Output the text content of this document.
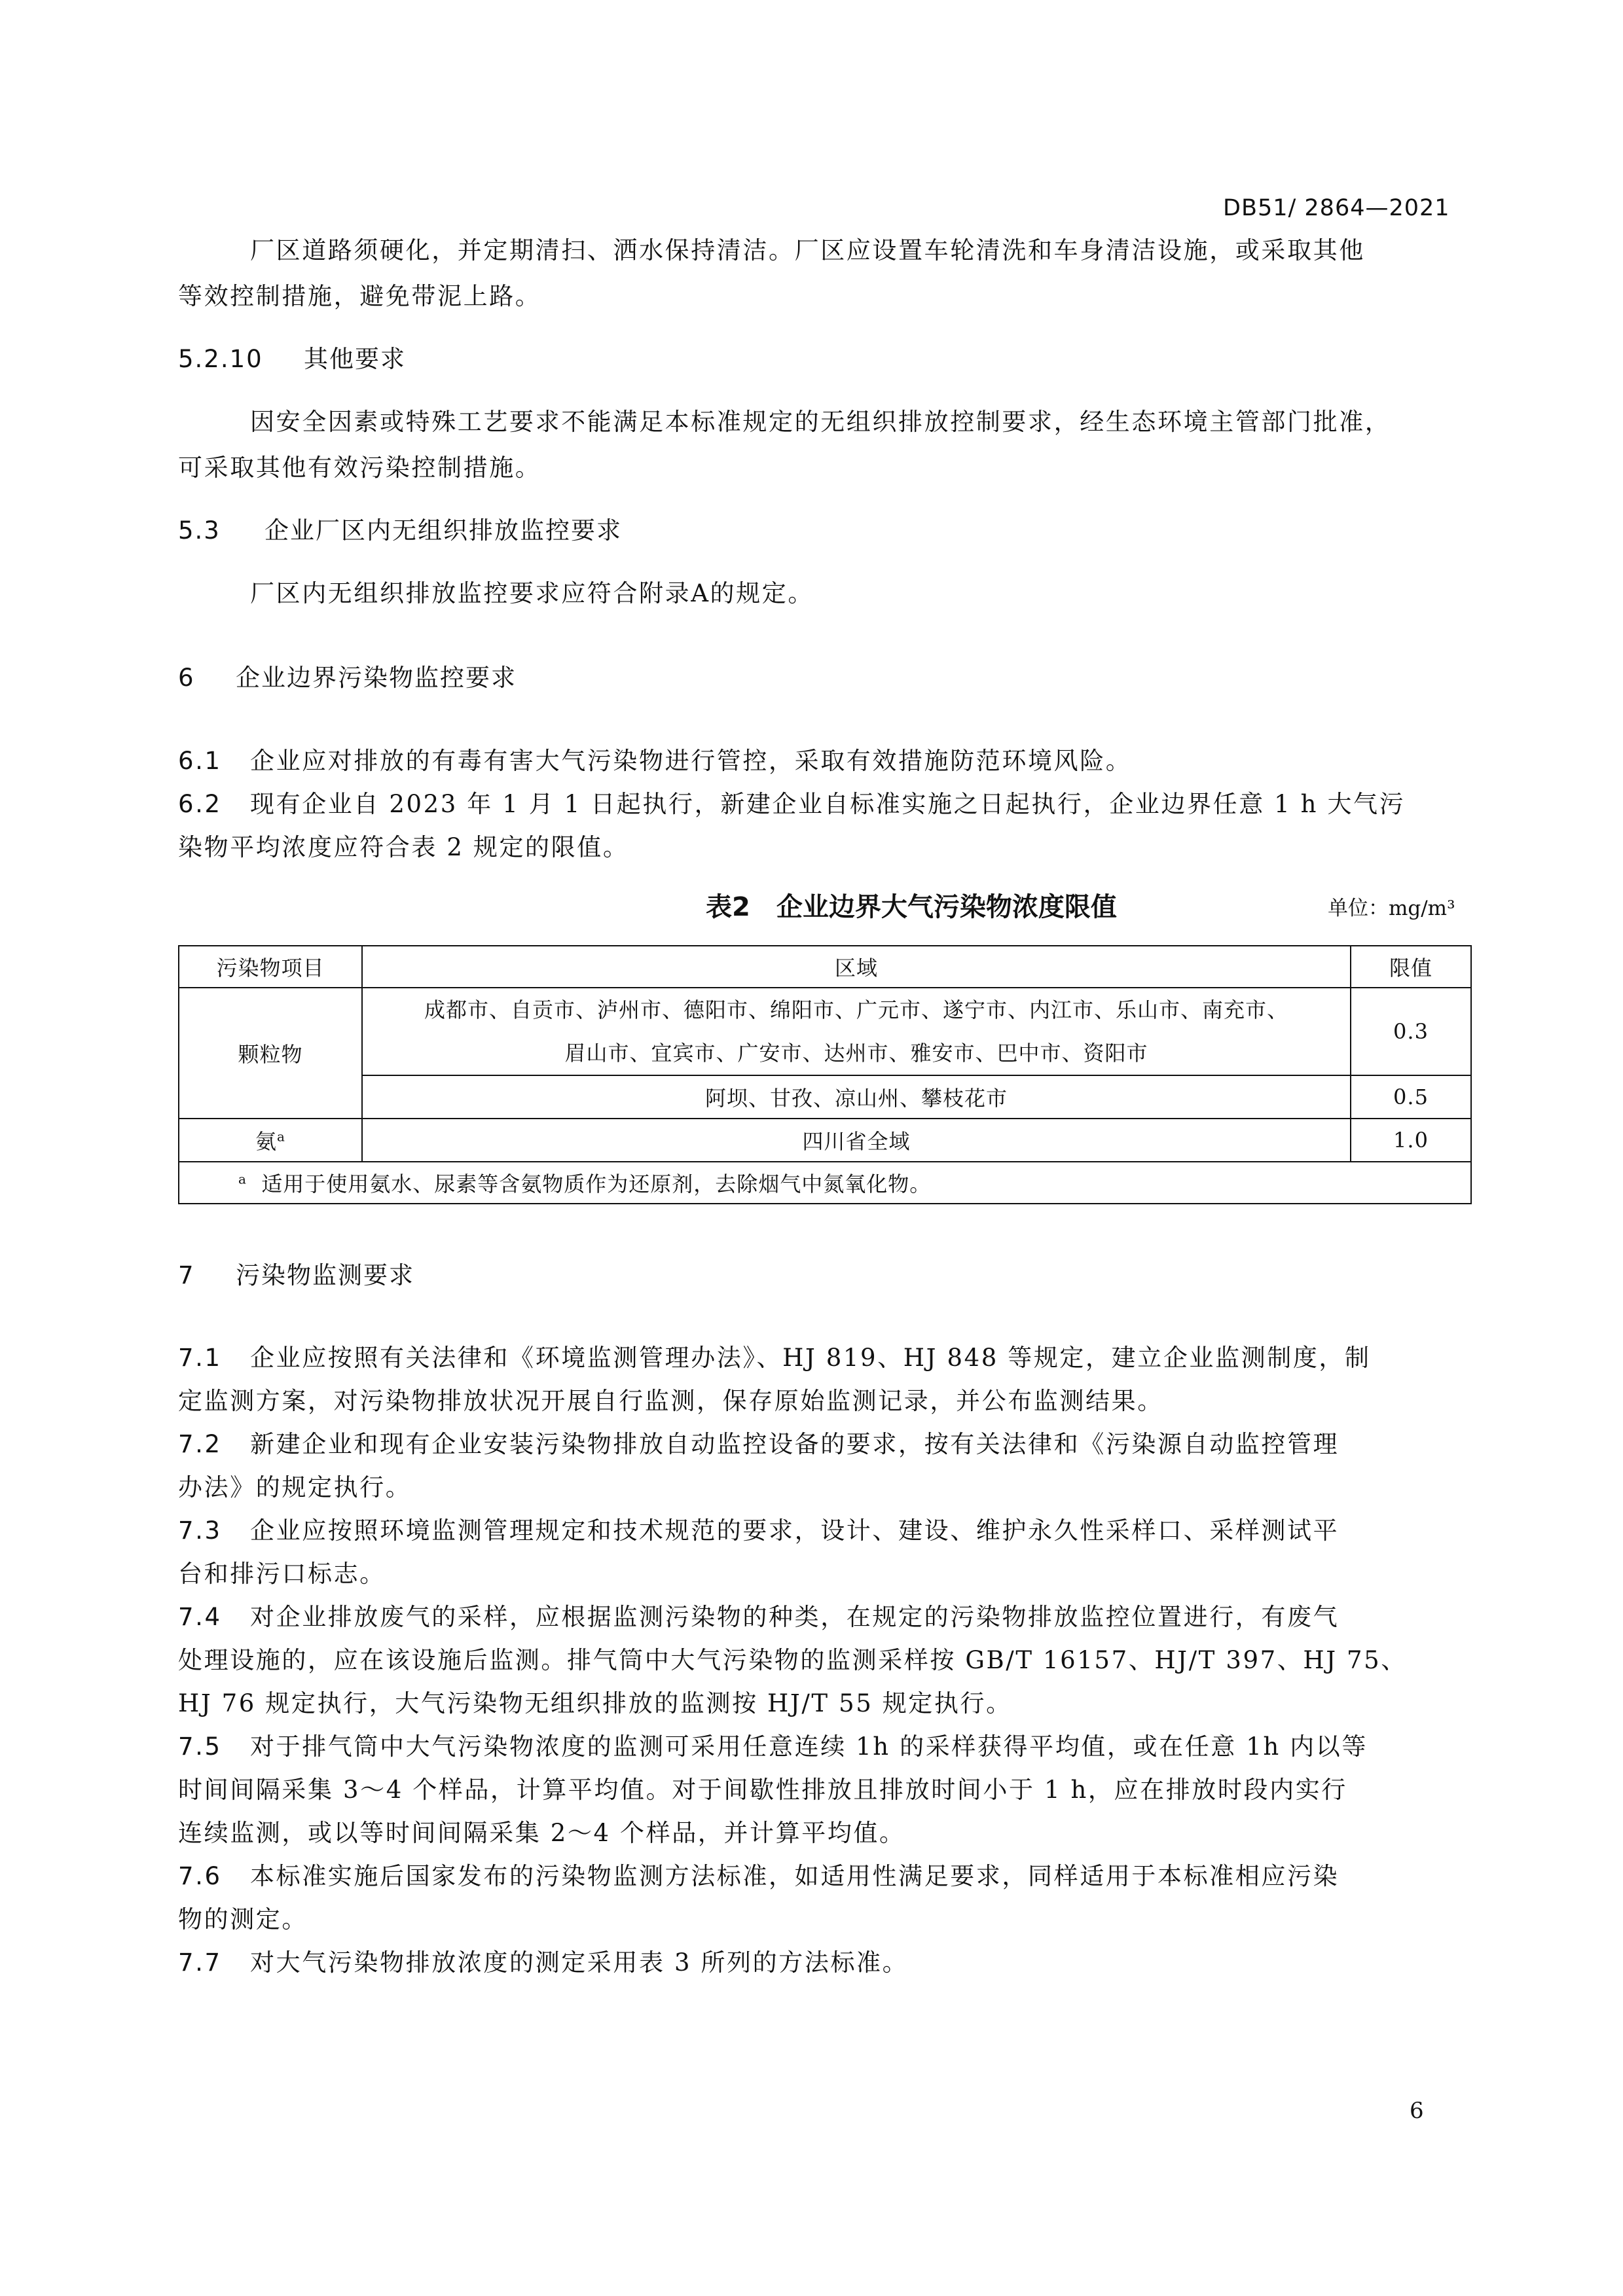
DB51/ 2864—2021
厂区道路须硬化，并定期清扫、洒水保持清洁。厂区应设置车轮清洗和车身清洁设施，或采取其他
等效控制措施，避免带泥上路。
5.2.10 其他要求
因安全因素或特殊工艺要求不能满足本标准规定的无组织排放控制要求，经生态环境主管部门批准，
可采取其他有效污染控制措施。
5.3 企业厂区内无组织排放监控要求
厂区内无组织排放监控要求应符合附录A的规定。
6 企业边界污染物监控要求
6.1 企业应对排放的有毒有害大气污染物进行管控，采取有效措施防范环境风险。
6.2 现有企业自 2023 年 1 月 1 日起执行，新建企业自标准实施之日起执行，企业边界任意 1 h 大气污
染物平均浓度应符合表 2 规定的限值。
表2　企业边界大气污染物浓度限值	单位：mg/m³
污染物项目	区域	限值
颗粒物	成都市、自贡市、泸州市、德阳市、绵阳市、广元市、遂宁市、内江市、乐山市、南充市、
眉山市、宜宾市、广安市、达州市、雅安市、巴中市、资阳市	0.3
	阿坝、甘孜、凉山州、攀枝花市	0.5
氨$^a$	四川省全域	1.0
$^a$ 适用于使用氨水、尿素等含氨物质作为还原剂，去除烟气中氮氧化物。		
7 污染物监测要求
7.1 企业应按照有关法律和《环境监测管理办法》、HJ 819、HJ 848 等规定，建立企业监测制度，制
定监测方案，对污染物排放状况开展自行监测，保存原始监测记录，并公布监测结果。
7.2 新建企业和现有企业安装污染物排放自动监控设备的要求，按有关法律和《污染源自动监控管理
办法》的规定执行。
7.3 企业应按照环境监测管理规定和技术规范的要求，设计、建设、维护永久性采样口、采样测试平
台和排污口标志。
7.4 对企业排放废气的采样，应根据监测污染物的种类，在规定的污染物排放监控位置进行，有废气
处理设施的，应在该设施后监测。排气筒中大气污染物的监测采样按 GB/T 16157、HJ/T 397、HJ 75、
HJ 76 规定执行，大气污染物无组织排放的监测按 HJ/T 55 规定执行。
7.5 对于排气筒中大气污染物浓度的监测可采用任意连续 1h 的采样获得平均值，或在任意 1h 内以等
时间间隔采集 3～4 个样品，计算平均值。对于间歇性排放且排放时间小于 1 h，应在排放时段内实行
连续监测，或以等时间间隔采集 2～4 个样品，并计算平均值。
7.6 本标准实施后国家发布的污染物监测方法标准，如适用性满足要求，同样适用于本标准相应污染
物的测定。
7.7 对大气污染物排放浓度的测定采用表 3 所列的方法标准。
6
